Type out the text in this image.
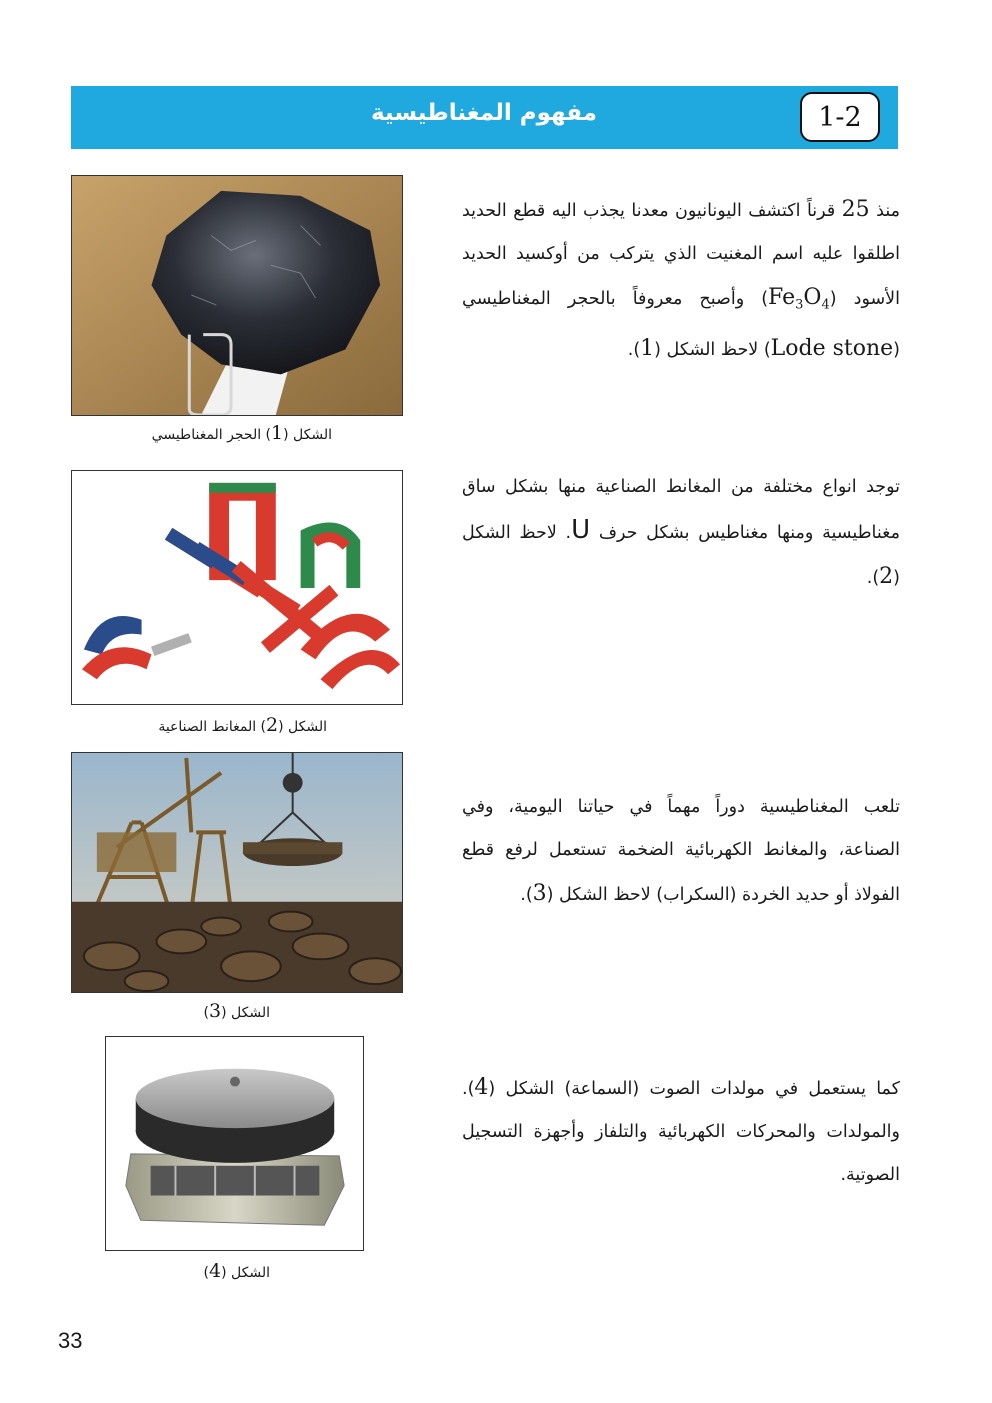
1-2
مفهوم المغناطيسية
منذ 25 قرناً اكتشف اليونانيون معدنا يجذب اليه قطع الحديد اطلقوا عليه اسم المغنيت الذي يتركب من أوكسيد الحديد الأسود $(Fe_3O_4)$ وأصبح معروفاً بالحجر المغناطيسي (Lode stone) لاحظ الشكل (1).
توجد انواع مختلفة من المغانط الصناعية منها بشكل ساق مغناطيسية ومنها مغناطيس بشكل حرف U. لاحظ الشكل (2).
تلعب المغناطيسية دوراً مهماً في حياتنا اليومية، وفي الصناعة، والمغانط الكهربائية الضخمة تستعمل لرفع قطع الفولاذ أو حديد الخردة (السكراب) لاحظ الشكل (3).
كما يستعمل في مولدات الصوت (السماعة) الشكل (4). والمولدات والمحركات الكهربائية والتلفاز وأجهزة التسجيل الصوتية.
الشكل (1) الحجر المغناطيسي
الشكل (2) المغانط الصناعية
الشكل (3)
الشكل (4)
33
